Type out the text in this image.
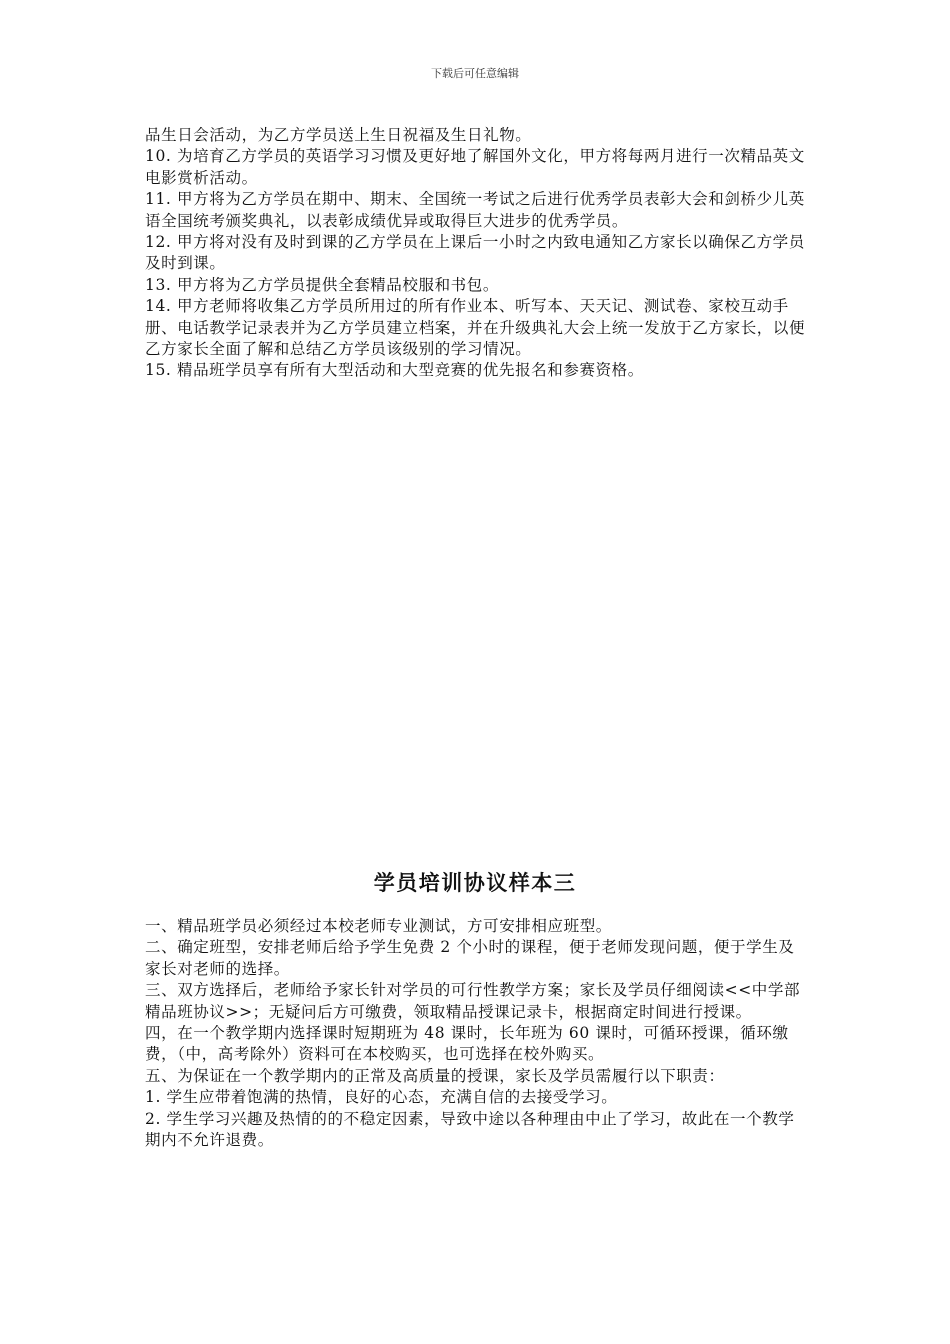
下载后可任意编辑

品生日会活动，为乙方学员送上生日祝福及生日礼物。

10. 为培育乙方学员的英语学习习惯及更好地了解国外文化，甲方将每两月进行一次精品英文电影赏析活动。

11. 甲方将为乙方学员在期中、期末、全国统一考试之后进行优秀学员表彰大会和剑桥少儿英语全国统考颁奖典礼，以表彰成绩优异或取得巨大进步的优秀学员。

12. 甲方将对没有及时到课的乙方学员在上课后一小时之内致电通知乙方家长以确保乙方学员及时到课。

13. 甲方将为乙方学员提供全套精品校服和书包。

14. 甲方老师将收集乙方学员所用过的所有作业本、听写本、天天记、测试卷、家校互动手册、电话教学记录表并为乙方学员建立档案，并在升级典礼大会上统一发放于乙方家长，以便乙方家长全面了解和总结乙方学员该级别的学习情况。

15. 精品班学员享有所有大型活动和大型竞赛的优先报名和参赛资格。

学员培训协议样本三

一、精品班学员必须经过本校老师专业测试，方可安排相应班型。

二、确定班型，安排老师后给予学生免费 2 个小时的课程，便于老师发现问题，便于学生及 家长对老师的选择。

三、双方选择后，老师给予家长针对学员的可行性教学方案；家长及学员仔细阅读<<中学部精品班协议>>；无疑问后方可缴费，领取精品授课记录卡，根据商定时间进行授课。

四，在一个教学期内选择课时短期班为 48 课时，长年班为 60 课时，可循环授课，循环缴费，（中，高考除外）资料可在本校购买，也可选择在校外购买。

五、为保证在一个教学期内的正常及高质量的授课，家长及学员需履行以下职责：

1. 学生应带着饱满的热情，良好的心态，充满自信的去接受学习。

2. 学生学习兴趣及热情的的不稳定因素，导致中途以各种理由中止了学习，故此在一个教学期内不允许退费。
